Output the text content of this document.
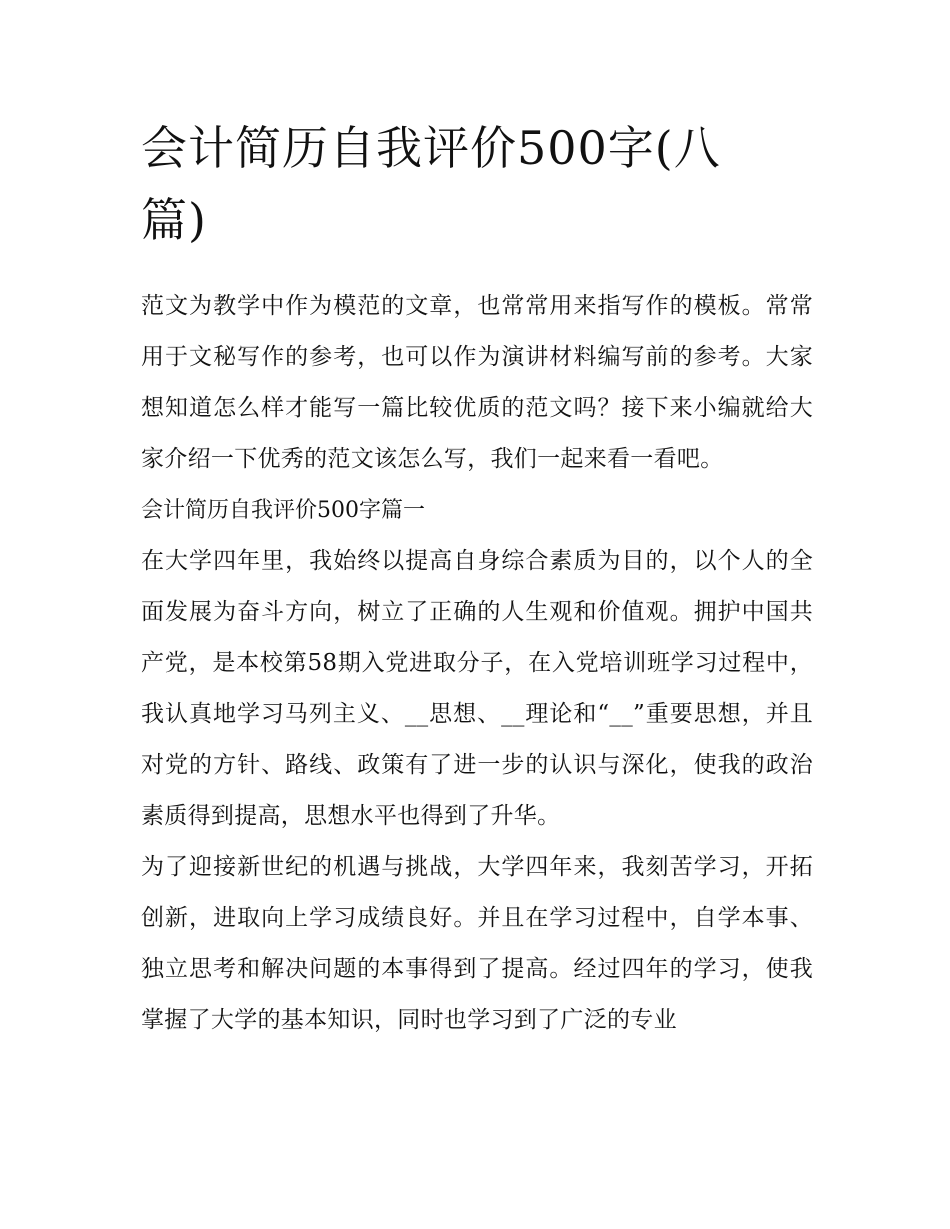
会计简历自我评价500字(八篇)

范文为教学中作为模范的文章，也常常用来指写作的模板。常常用于文秘写作的参考，也可以作为演讲材料编写前的参考。大家想知道怎么样才能写一篇比较优质的范文吗？接下来小编就给大家介绍一下优秀的范文该怎么写，我们一起来看一看吧。

会计简历自我评价500字篇一

在大学四年里，我始终以提高自身综合素质为目的，以个人的全面发展为奋斗方向，树立了正确的人生观和价值观。拥护中国共产党，是本校第58期入党进取分子，在入党培训班学习过程中，我认真地学习马列主义、__思想、__理论和“__”重要思想，并且对党的方针、路线、政策有了进一步的认识与深化，使我的政治素质得到提高，思想水平也得到了升华。

为了迎接新世纪的机遇与挑战，大学四年来，我刻苦学习，开拓创新，进取向上学习成绩良好。并且在学习过程中，自学本事、独立思考和解决问题的本事得到了提高。经过四年的学习，使我掌握了大学的基本知识，同时也学习到了广泛的专业
